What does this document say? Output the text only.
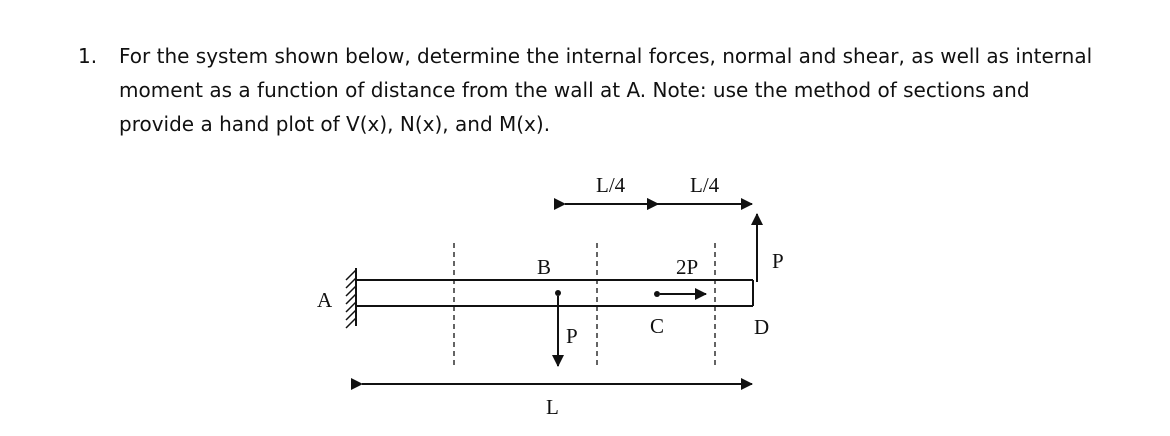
1. For the system shown below, determine the internal forces, normal and shear, as well as internal
moment as a function of distance from the wall at A. Note: use the method of sections and
provide a hand plot of V(x), N(x), and M(x).
A
B
C	D
L/4	L/4
L
P
2P	P
